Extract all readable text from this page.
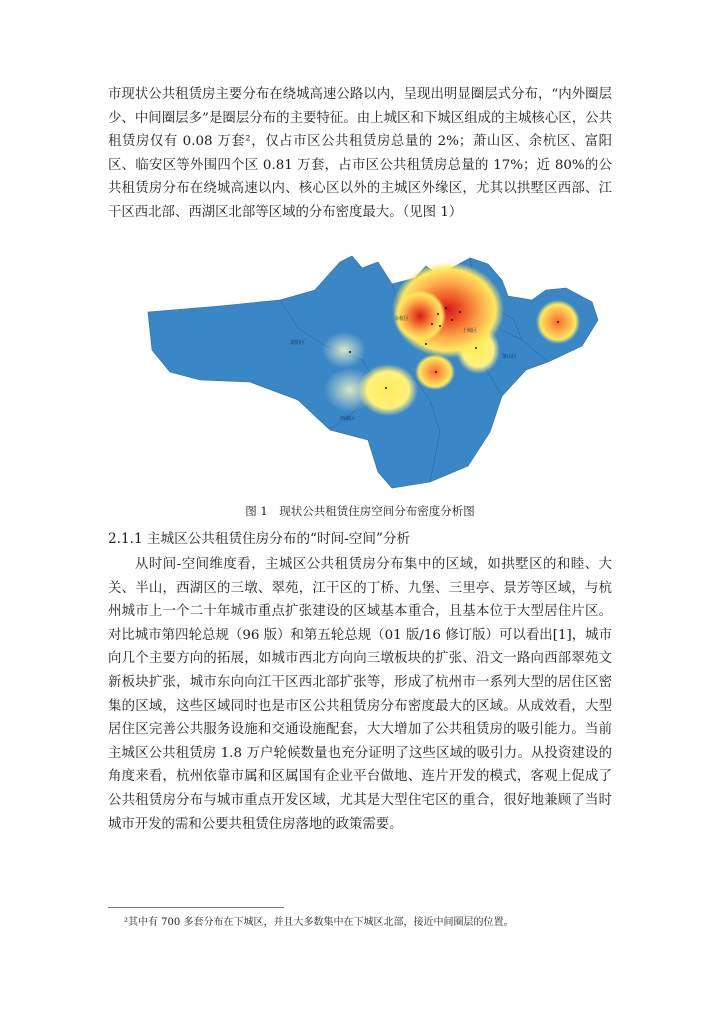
市现状公共租赁房主要分布在绕城高速公路以内，呈现出明显圈层式分布，“内外圈层少、中间圈层多”是圈层分布的主要特征。由上城区和下城区组成的主城核心区，公共租赁房仅有 0.08 万套²，仅占市区公共租赁房总量的 2%；萧山区、余杭区、富阳区、临安区等外围四个区 0.81 万套，占市区公共租赁房总量的 17%；近 80%的公共租赁房分布在绕城高速以内、核心区以外的主城区外缘区，尤其以拱墅区西部、江干区西北部、西湖区北部等区域的分布密度最大。（见图 1）

富阳区
西湖区
上城区
萧山区
余杭区
图 1　现状公共租赁住房空间分布密度分析图
2.1.1 主城区公共租赁住房分布的“时间-空间”分析

从时间-空间维度看，主城区公共租赁房分布集中的区域，如拱墅区的和睦、大关、半山，西湖区的三墩、翠苑，江干区的丁桥、九堡、三里亭、景芳等区域，与杭州城市上一个二十年城市重点扩张建设的区域基本重合，且基本位于大型居住片区。对比城市第四轮总规（96 版）和第五轮总规（01 版/16 修订版）可以看出[1]，城市向几个主要方向的拓展，如城市西北方向向三墩板块的扩张、沿文一路向西部翠苑文新板块扩张，城市东向向江干区西北部扩张等，形成了杭州市一系列大型的居住区密集的区域，这些区域同时也是市区公共租赁房分布密度最大的区域。从成效看，大型居住区完善公共服务设施和交通设施配套，大大增加了公共租赁房的吸引能力。当前主城区公共租赁房 1.8 万户轮候数量也充分证明了这些区域的吸引力。从投资建设的角度来看，杭州依靠市属和区属国有企业平台做地、连片开发的模式，客观上促成了公共租赁房分布与城市重点开发区域，尤其是大型住宅区的重合，很好地兼顾了当时城市开发的需和公要共租赁住房落地的政策需要。

²其中有 700 多套分布在下城区，并且大多数集中在下城区北部，接近中间圈层的位置。
